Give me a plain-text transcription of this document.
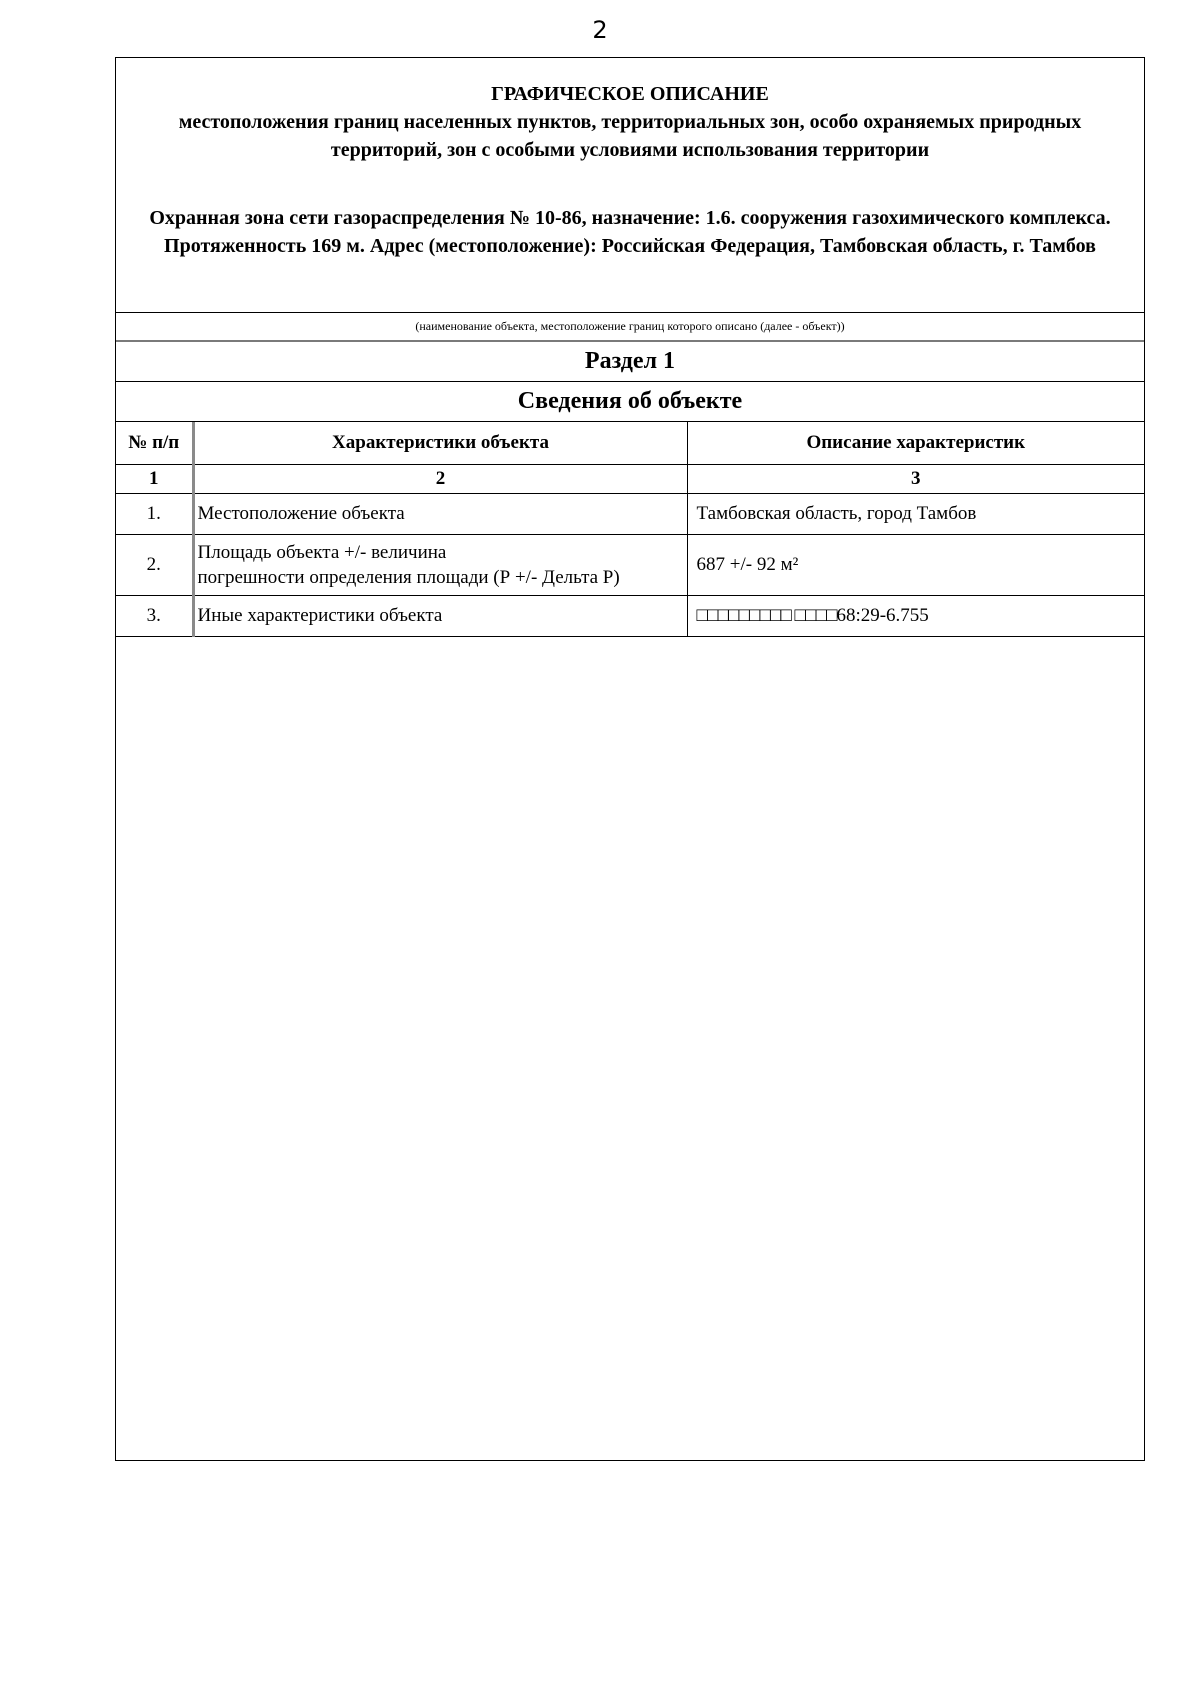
2
ГРАФИЧЕСКОЕ ОПИСАНИЕ
местоположения границ населенных пунктов, территориальных зон, особо охраняемых природных территорий, зон с особыми условиями использования территории
Охранная зона сети газораспределения № 10-86, назначение: 1.6. сооружения газохимического комплекса. Протяженность 169 м. Адрес (местоположение): Российская Федерация, Тамбовская область, г. Тамбов
(наименование объекта, местоположение границ которого описано (далее - объект))
Раздел 1
Сведения об объекте
№ п/п	Характеристики объекта	Описание характеристик
1	2	3
1.	Местоположение объекта	Тамбовская область, город Тамбов
2.	Площадь объекта +/- величина
погрешности определения площади (Р +/- Дельта Р)	687 +/- 92 м²
3.	Иные характеристики объекта	□□□□□□□□□ □□□□68:29-6.755
